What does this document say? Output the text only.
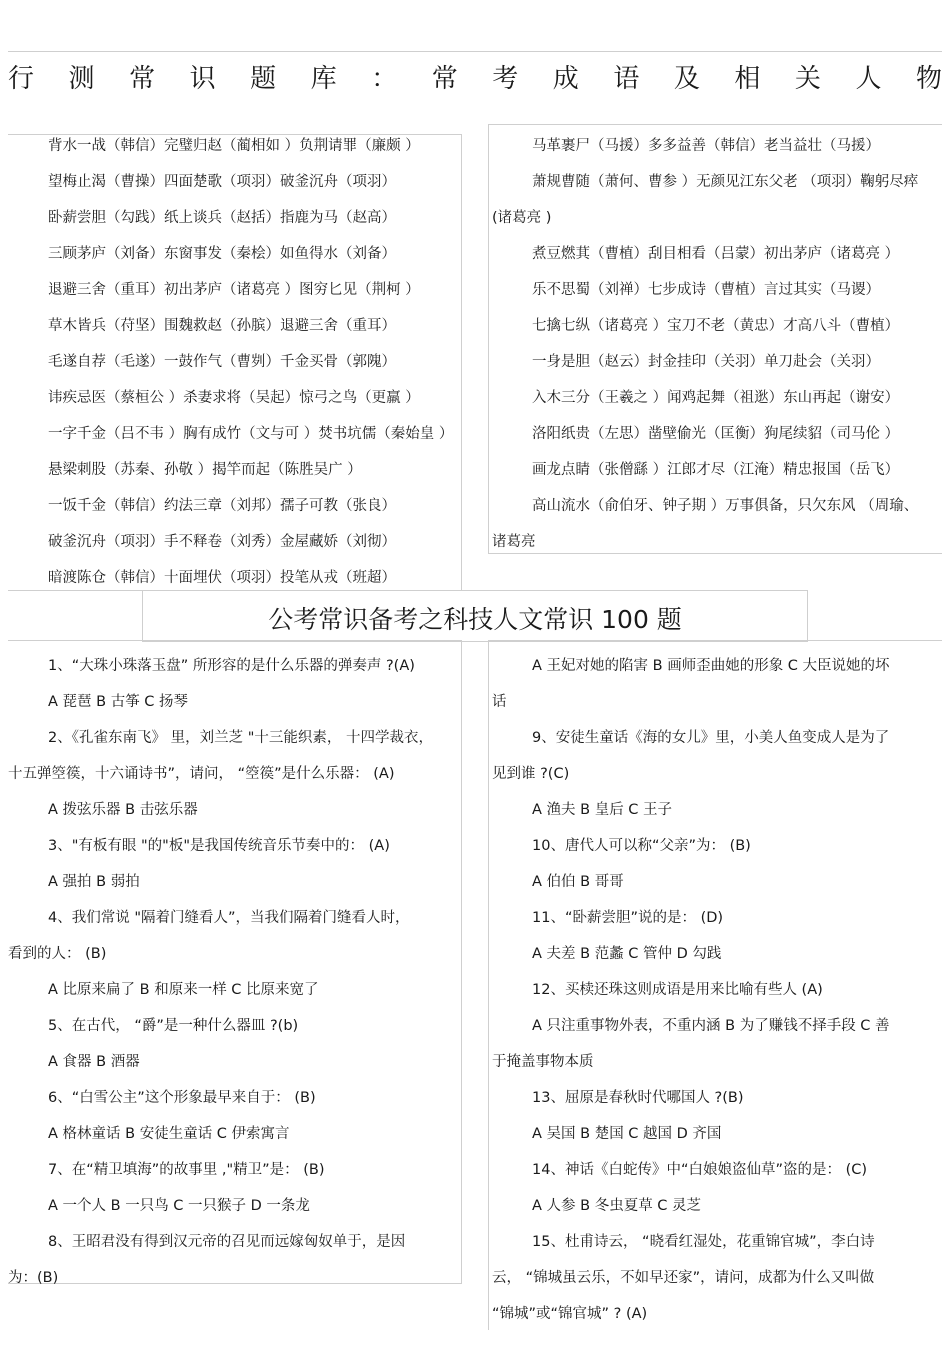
行 测 常 识 题 库 ： 常 考 成 语 及 相 关 人 物
背水一战（韩信）完璧归赵（蔺相如 ）负荆请罪（廉颇 ）
望梅止渴（曹操）四面楚歌（项羽）破釜沉舟（项羽）
卧薪尝胆（勾践）纸上谈兵（赵括）指鹿为马（赵高）
三顾茅庐（刘备）东窗事发（秦桧）如鱼得水（刘备）
退避三舍（重耳）初出茅庐（诸葛亮 ）图穷匕见（荆柯 ）
草木皆兵（苻坚）围魏救赵（孙膑）退避三舍（重耳）
毛遂自荐（毛遂）一鼓作气（曹刿）千金买骨（郭隗）
讳疾忌医（蔡桓公 ）杀妻求将（吴起）惊弓之鸟（更羸 ）
一字千金（吕不韦 ）胸有成竹（文与可 ）焚书坑儒（秦始皇 ）
悬梁刺股（苏秦、孙敬 ）揭竿而起（陈胜吴广 ）
一饭千金（韩信）约法三章（刘邦）孺子可教（张良）
破釜沉舟（项羽）手不释卷（刘秀）金屋藏娇（刘彻）
暗渡陈仓（韩信）十面埋伏（项羽）投笔从戎（班超）
马革裹尸（马援）多多益善（韩信）老当益壮（马援）
萧规曹随（萧何、曹参 ）无颜见江东父老 （项羽）鞠躬尽瘁
(诸葛亮 )
煮豆燃萁（曹植）刮目相看（吕蒙）初出茅庐（诸葛亮 ）
乐不思蜀（刘禅）七步成诗（曹植）言过其实（马谡）
七擒七纵（诸葛亮 ）宝刀不老（黄忠）才高八斗（曹植）
一身是胆（赵云）封金挂印（关羽）单刀赴会（关羽）
入木三分（王羲之 ）闻鸡起舞（祖逖）东山再起（谢安）
洛阳纸贵（左思）凿壁偷光（匡衡）狗尾续貂（司马伦 ）
画龙点睛（张僧繇 ）江郎才尽（江淹）精忠报国（岳飞）
高山流水（俞伯牙、钟子期 ）万事俱备，只欠东风 （周瑜、
诸葛亮
公考常识备考之科技人文常识 100 题
1、“大珠小珠落玉盘” 所形容的是什么乐器的弹奏声 ?(A)
A 琵琶 B 古筝 C 扬琴
2、《孔雀东南飞》 里，刘兰芝 "十三能织素， 十四学裁衣，
十五弹箜篌，十六诵诗书”，请问， “箜篌”是什么乐器： (A)
A 拨弦乐器 B 击弦乐器
3、"有板有眼 "的"板"是我国传统音乐节奏中的： (A)
A 强拍 B 弱拍
4、我们常说 "隔着门缝看人”，当我们隔着门缝看人时，
看到的人： (B)
A 比原来扁了 B 和原来一样 C 比原来宽了
5、在古代， “爵”是一种什么器皿 ?(b)
A 食器 B 酒器
6、“白雪公主”这个形象最早来自于： (B)
A 格林童话 B 安徒生童话 C 伊索寓言
7、在“精卫填海”的故事里 ,"精卫”是： (B)
A 一个人 B 一只鸟 C 一只猴子 D 一条龙
8、王昭君没有得到汉元帝的召见而远嫁匈奴单于，是因
为：(B)
A 王妃对她的陷害 B 画师歪曲她的形象 C 大臣说她的坏
话
9、安徒生童话《海的女儿》里，小美人鱼变成人是为了
见到谁 ?(C)
A 渔夫 B 皇后 C 王子
10、唐代人可以称“父亲”为： (B)
A 伯伯 B 哥哥
11、“卧薪尝胆”说的是： (D)
A 夫差 B 范蠡 C 管仲 D 勾践
12、买椟还珠这则成语是用来比喻有些人 (A)
A 只注重事物外表，不重内涵 B 为了赚钱不择手段 C 善
于掩盖事物本质
13、屈原是春秋时代哪国人 ?(B)
A 吴国 B 楚国 C 越国 D 齐国
14、神话《白蛇传》中“白娘娘盗仙草”盗的是： (C)
A 人参 B 冬虫夏草 C 灵芝
15、杜甫诗云， “晓看红湿处，花重锦官城”，李白诗
云， “锦城虽云乐，不如早还家”，请问，成都为什么又叫做
“锦城”或“锦官城” ? (A)
